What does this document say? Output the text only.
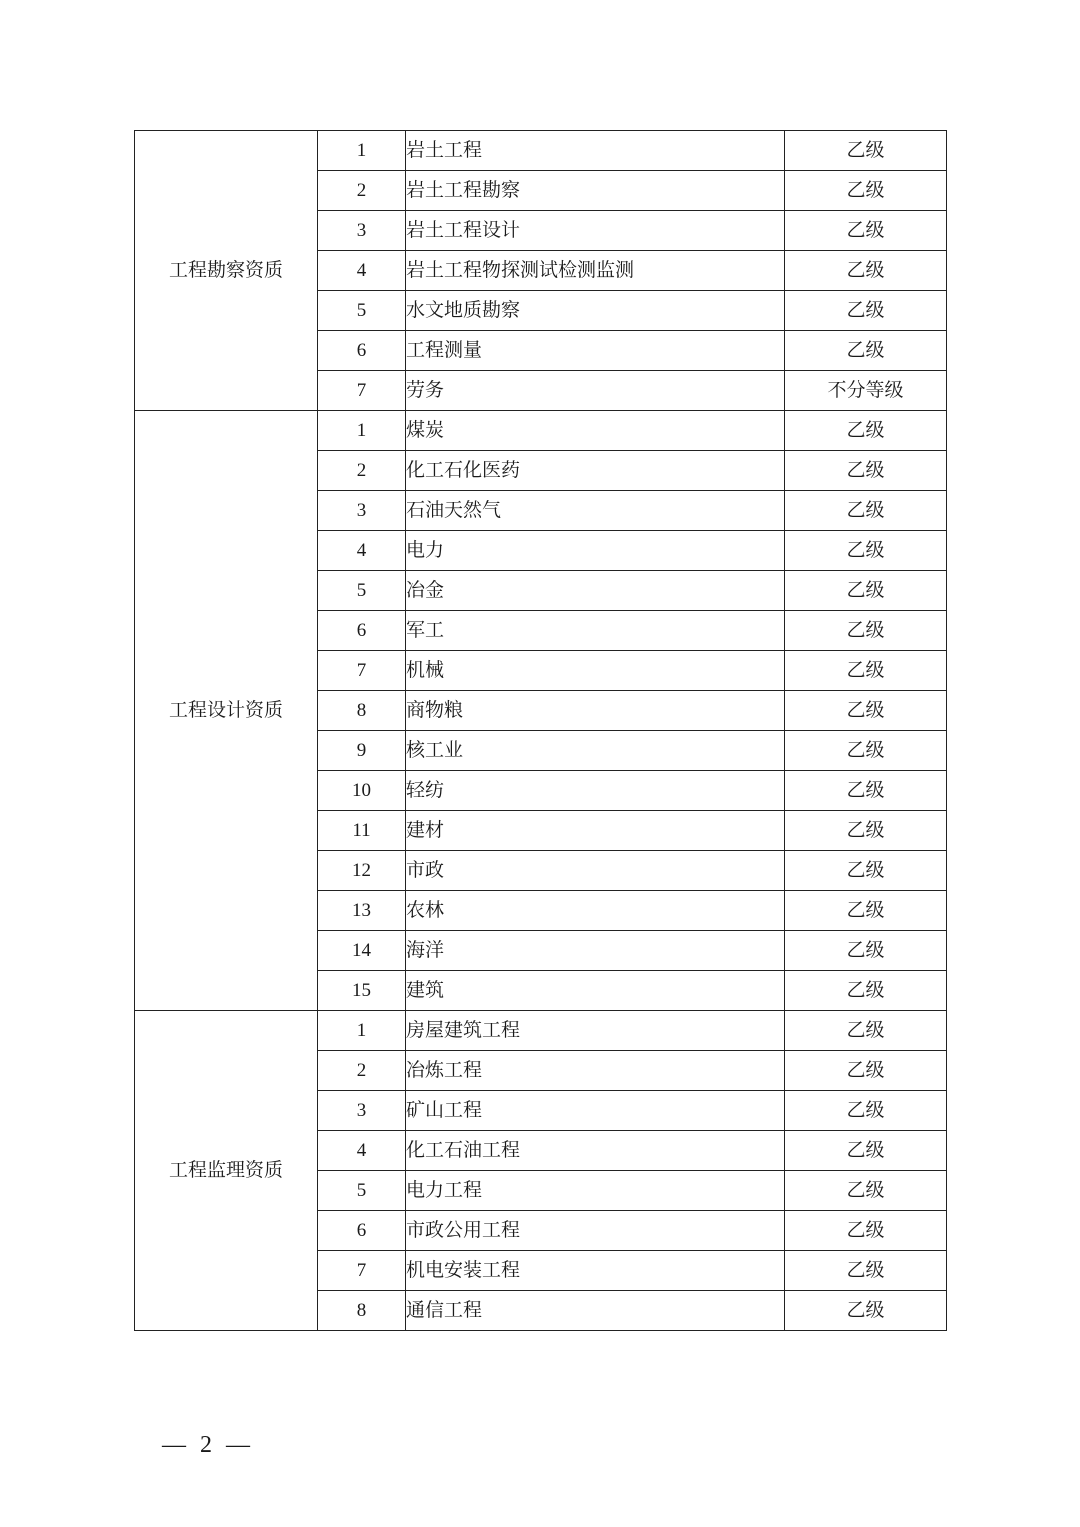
工程勘察资质	1	岩土工程	乙级
	2	岩土工程勘察	乙级
	3	岩土工程设计	乙级
	4	岩土工程物探测试检测监测	乙级
	5	水文地质勘察	乙级
	6	工程测量	乙级
	7	劳务	不分等级
工程设计资质	1	煤炭	乙级
	2	化工石化医药	乙级
	3	石油天然气	乙级
	4	电力	乙级
	5	冶金	乙级
	6	军工	乙级
	7	机械	乙级
	8	商物粮	乙级
	9	核工业	乙级
	10	轻纺	乙级
	11	建材	乙级
	12	市政	乙级
	13	农林	乙级
	14	海洋	乙级
	15	建筑	乙级
工程监理资质	1	房屋建筑工程	乙级
	2	冶炼工程	乙级
	3	矿山工程	乙级
	4	化工石油工程	乙级
	5	电力工程	乙级
	6	市政公用工程	乙级
	7	机电安装工程	乙级
	8	通信工程	乙级
— 2 —
